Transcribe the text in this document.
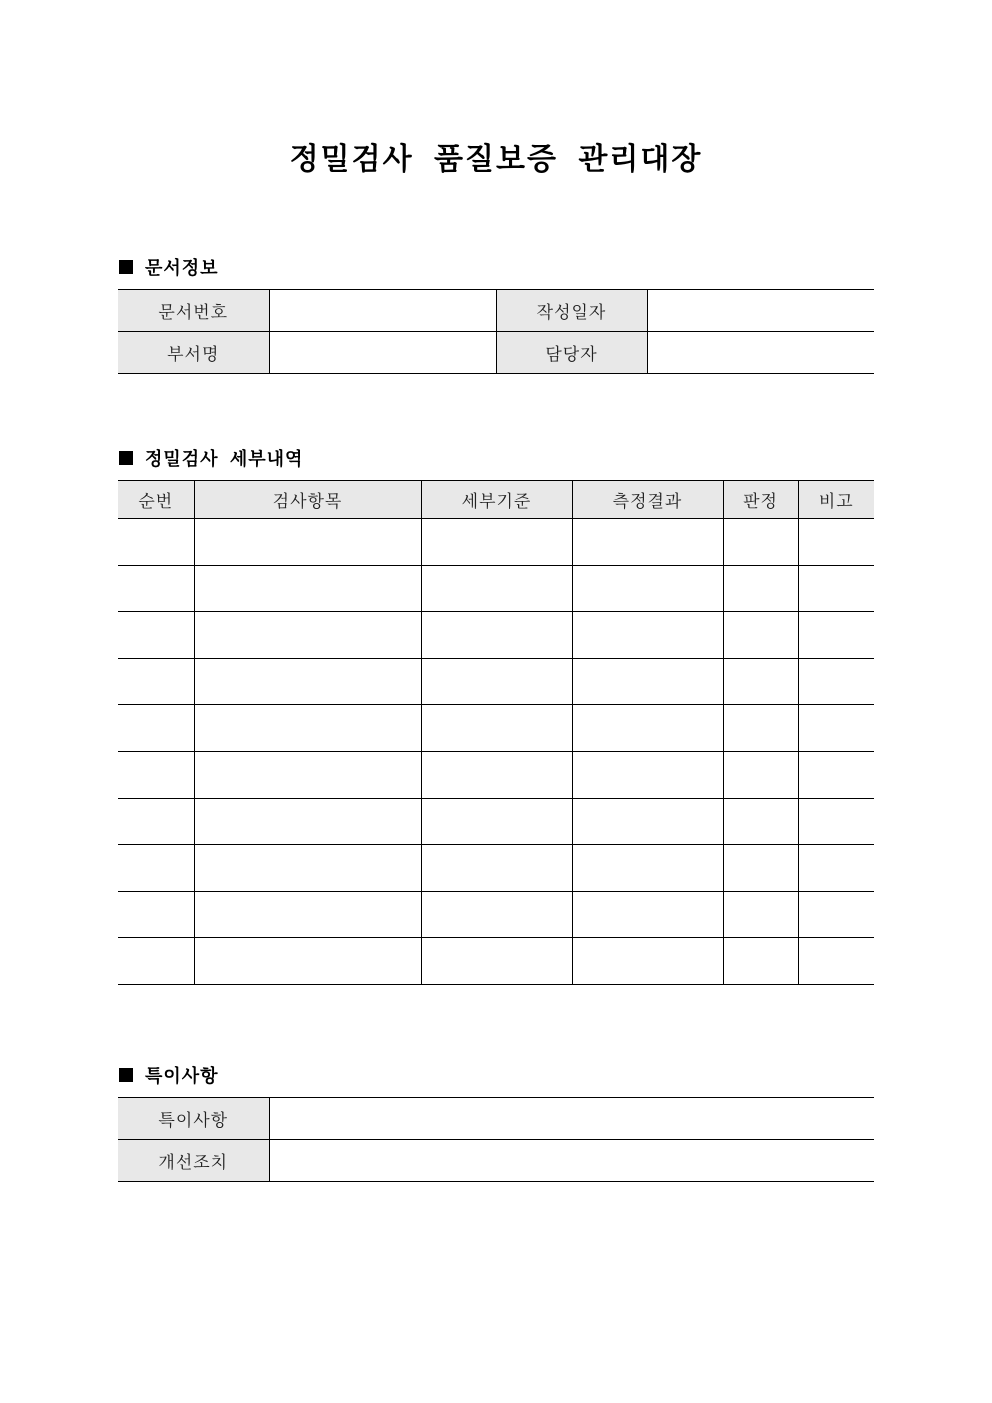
정밀검사 품질보증 관리대장
문서정보
문서번호		작성일자	
부서명		담당자	
정밀검사 세부내역
순번	검사항목	세부기준	측정결과	판정	비고

특이사항
특이사항	
개선조치	
